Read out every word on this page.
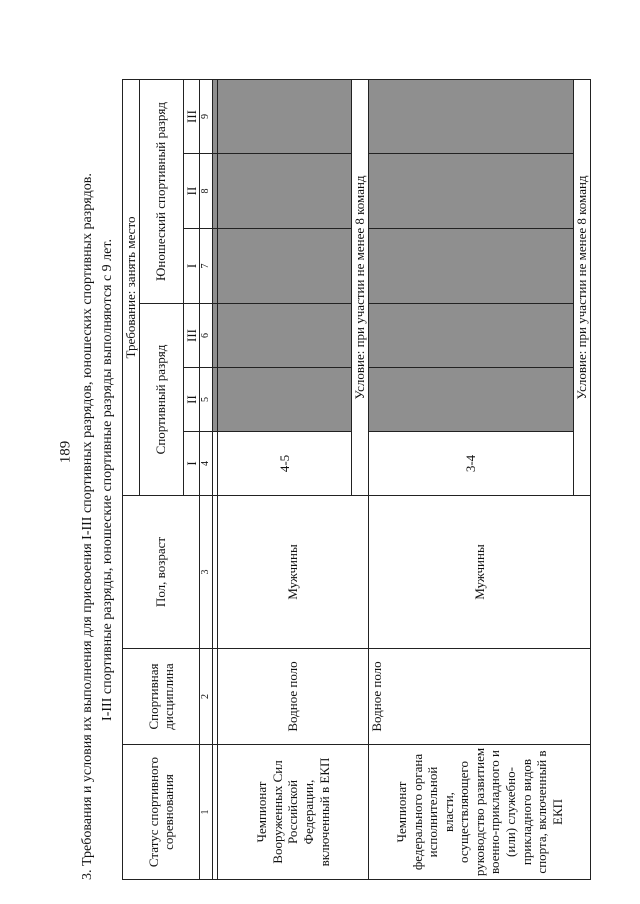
189 3. Требования и условия их выполнения для присвоения I-III спортивных разрядов, юношеских спортивных разрядов. I-III спортивные разряды, юношеские спортивные разряды выполняются с 9 лет.
Статус спортивного соревнования	Спортивная дисциплина	Пол, возраст	Требование: занять место					
			Спортивный разряд			Юношеский спортивный разряд		
			I	II	III	I	II	III
1	2	3	4	5	6	7	8	9

Чемпионат Вооруженных Сил Российской Федерации, включенный в ЕКП	Водное поло	Мужчины	4-5					
			Условие: при участии не менее 8 команд					
Чемпионат федерального органа исполнительной власти, осуществляющего руководство развитием военно-прикладного и (или) служебно-прикладного видов спорта, включенный в ЕКП	Водное поло	Мужчины	3-4					
			Условие: при участии не менее 8 команд					
